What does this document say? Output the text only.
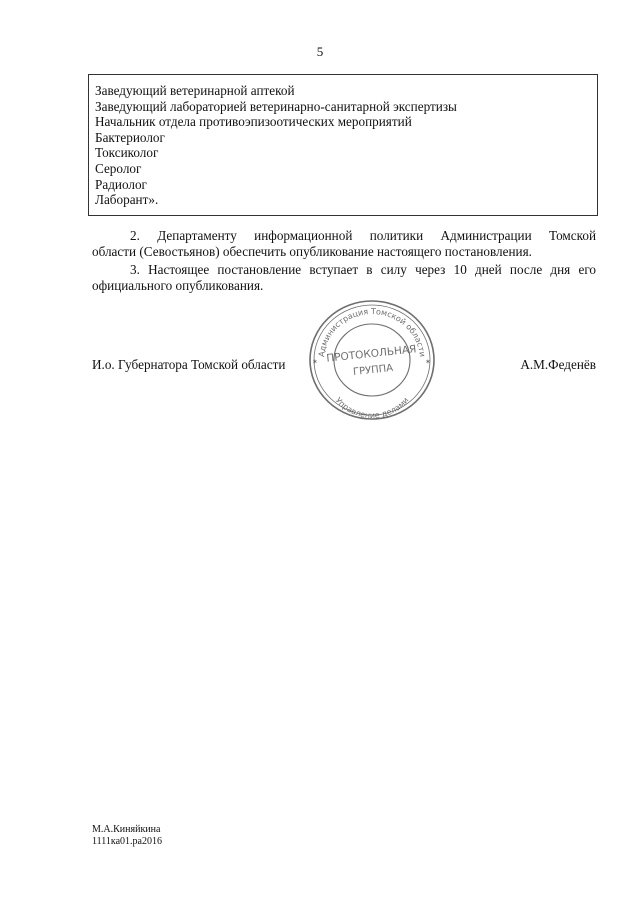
5
Заведующий ветеринарной аптекой
Заведующий лабораторией ветеринарно-санитарной экспертизы
Начальник отдела противоэпизоотических мероприятий
Бактериолог
Токсиколог
Серолог
Радиолог
Лаборант».
2. Департаменту информационной политики Администрации Томской
области (Севостьянов) обеспечить опубликование настоящего постановления.
3. Настоящее постановление вступает в силу через 10 дней после дня его
официального опубликования.
И.о. Губернатора Томской области
Администрация Томской области
Управление делами
ПРОТОКОЛЬНАЯ
ГРУППА
✶	✶	А.М.Феденёв
М.А.Киняйкина
1111ка01.ра2016
